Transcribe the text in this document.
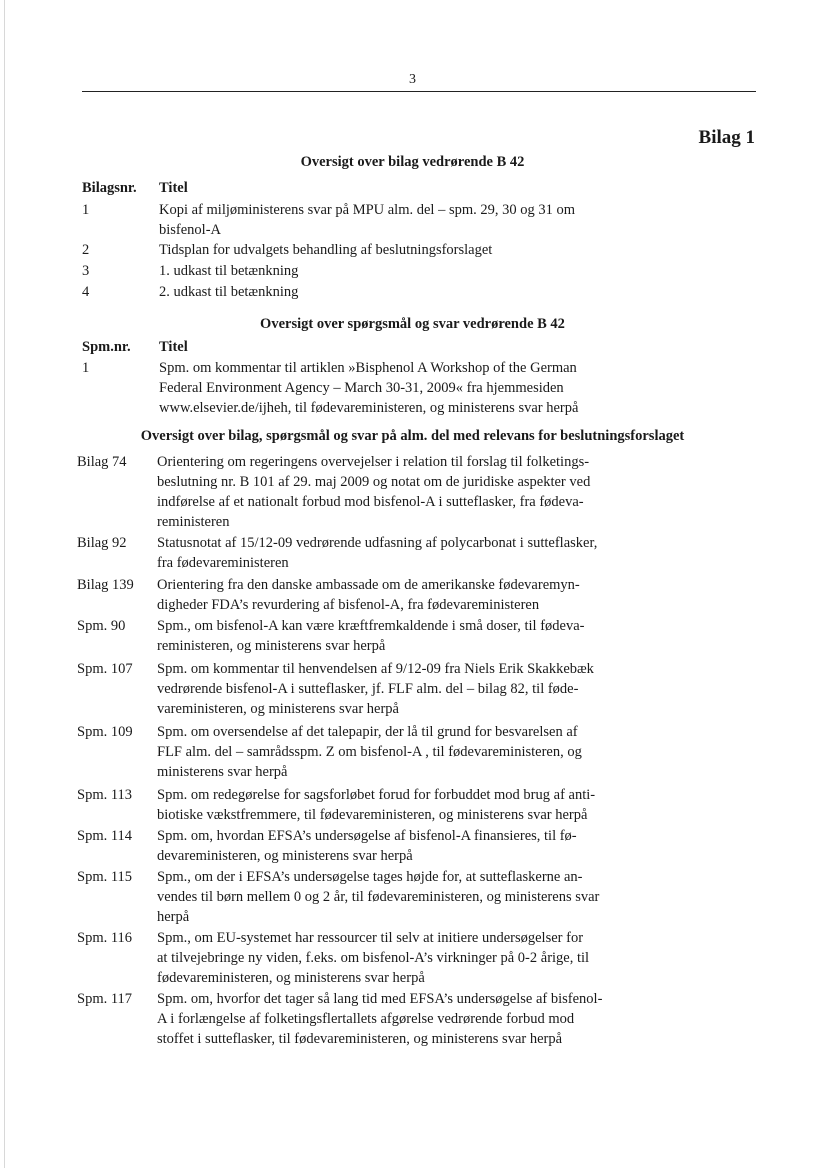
3
Bilag 1
Oversigt over bilag vedrørende B 42
Bilagsnr. Titel
1	Kopi af miljøministerens svar på MPU alm. del – spm. 29, 30 og 31 om
bisfenol-A
2	Tidsplan for udvalgets behandling af beslutningsforslaget
3	1. udkast til betænkning
4	2. udkast til betænkning
Oversigt over spørgsmål og svar vedrørende B 42
Spm.nr. Titel
1	Spm. om kommentar til artiklen »Bisphenol A Workshop of the German
Federal Environment Agency – March 30-31, 2009« fra hjemmesiden
www.elsevier.de/ijheh, til fødevareministeren, og ministerens svar herpå
Oversigt over bilag, spørgsmål og svar på alm. del med relevans for beslutningsforslaget
Bilag 74	Orientering om regeringens overvejelser i relation til forslag til folketings-
beslutning nr. B 101 af 29. maj 2009 og notat om de juridiske aspekter ved
indførelse af et nationalt forbud mod bisfenol-A i sutteflasker, fra fødeva-
reministeren
Bilag 92	Statusnotat af 15/12-09 vedrørende udfasning af polycarbonat i sutteflasker,
fra fødevareministeren
Bilag 139	Orientering fra den danske ambassade om de amerikanske fødevaremyn-
digheder FDA’s revurdering af bisfenol-A, fra fødevareministeren
Spm. 90	Spm., om bisfenol-A kan være kræftfremkaldende i små doser, til fødeva-
reministeren, og ministerens svar herpå
Spm. 107	Spm. om kommentar til henvendelsen af 9/12-09 fra Niels Erik Skakkebæk
vedrørende bisfenol-A i sutteflasker, jf. FLF alm. del – bilag 82, til føde-
vareministeren, og ministerens svar herpå
Spm. 109	Spm. om oversendelse af det talepapir, der lå til grund for besvarelsen af
FLF alm. del – samrådsspm. Z om bisfenol-A , til fødevareministeren, og
ministerens svar herpå
Spm. 113	Spm. om redegørelse for sagsforløbet forud for forbuddet mod brug af anti-
biotiske vækstfremmere, til fødevareministeren, og ministerens svar herpå
Spm. 114	Spm. om, hvordan EFSA’s undersøgelse af bisfenol-A finansieres, til fø-
devareministeren, og ministerens svar herpå
Spm. 115	Spm., om der i EFSA’s undersøgelse tages højde for, at sutteflaskerne an-
vendes til børn mellem 0 og 2 år, til fødevareministeren, og ministerens svar
herpå
Spm. 116	Spm., om EU-systemet har ressourcer til selv at initiere undersøgelser for
at tilvejebringe ny viden, f.eks. om bisfenol-A’s virkninger på 0-2 årige, til
fødevareministeren, og ministerens svar herpå
Spm. 117	Spm. om, hvorfor det tager så lang tid med EFSA’s undersøgelse af bisfenol-
A i forlængelse af folketingsflertallets afgørelse vedrørende forbud mod
stoffet i sutteflasker, til fødevareministeren, og ministerens svar herpå
